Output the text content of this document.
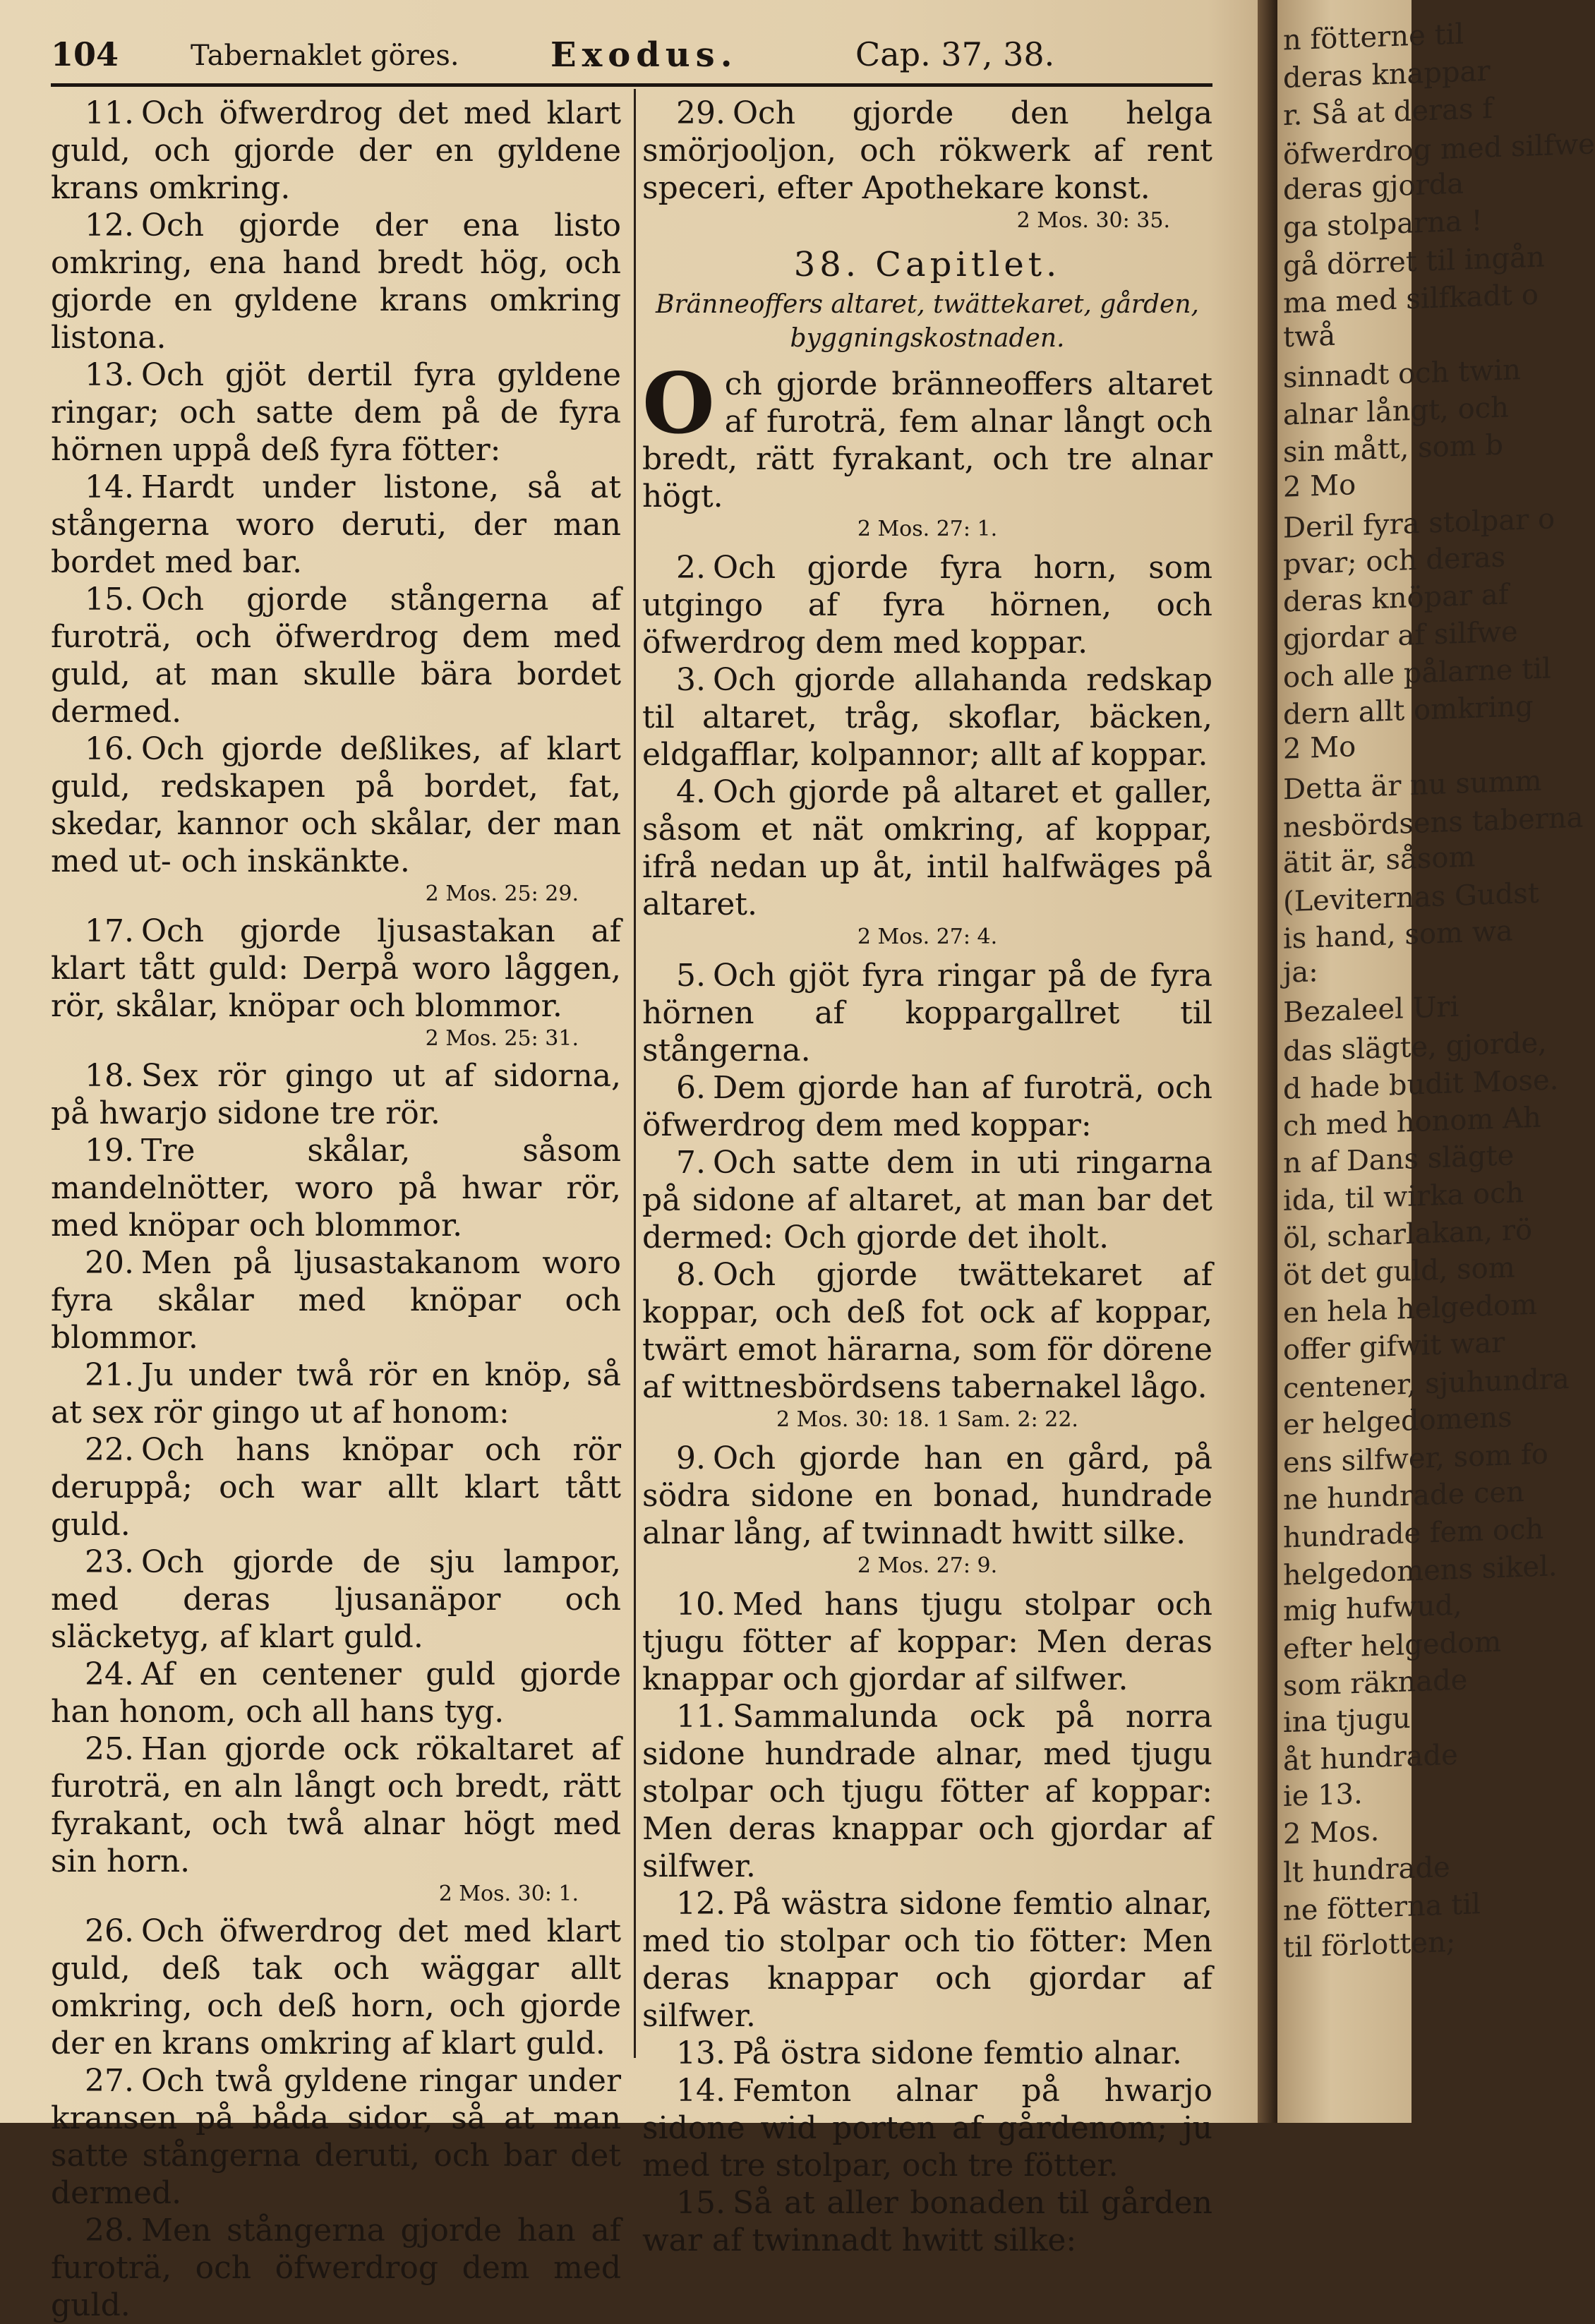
104	Tabernaklet göres.	Exodus.	Cap. 37, 38.

11. Och öfwerdrog det med klart guld, och gjorde der en gyldene krans omkring.

12. Och gjorde der ena listo omkring, ena hand bredt hög, och gjorde en gyldene krans omkring listona.

13. Och gjöt dertil fyra gyldene ringar; och satte dem på de fyra hörnen uppå deß fyra fötter:

14. Hardt under listone, så at stångerna woro deruti, der man bordet med bar.

15. Och gjorde stångerna af furoträ, och öfwerdrog dem med guld, at man skulle bära bordet dermed.

16. Och gjorde deßlikes, af klart guld, redskapen på bordet, fat, skedar, kannor och skålar, der man med ut- och inskänkte.

2 Mos. 25: 29.

17. Och gjorde ljusastakan af klart tått guld: Derpå woro låggen, rör, skålar, knöpar och blommor.

2 Mos. 25: 31.

18. Sex rör gingo ut af sidorna, på hwarjo sidone tre rör.

19. Tre skålar, såsom mandelnötter, woro på hwar rör, med knöpar och blommor.

20. Men på ljusastakanom woro fyra skålar med knöpar och blommor.

21. Ju under twå rör en knöp, så at sex rör gingo ut af honom:

22. Och hans knöpar och rör deruppå; och war allt klart tått guld.

23. Och gjorde de sju lampor, med deras ljusanäpor och släcketyg, af klart guld.

24. Af en centener guld gjorde han honom, och all hans tyg.

25. Han gjorde ock rökaltaret af furoträ, en aln långt och bredt, rätt fyrakant, och twå alnar högt med sin horn.

2 Mos. 30: 1.

26. Och öfwerdrog det med klart guld, deß tak och wäggar allt omkring, och deß horn, och gjorde der en krans omkring af klart guld.

27. Och twå gyldene ringar under kransen på båda sidor, så at man satte stångerna deruti, och bar det dermed.

28. Men stångerna gjorde han af furoträ, och öfwerdrog dem med guld.

29. Och gjorde den helga smörjooljon, och rökwerk af rent speceri, efter Apothekare konst.

2 Mos. 30: 35.
38. Capitlet.
Bränneoffers altaret, twättekaret, gården, byggningskostnaden.

O ch gjorde bränneoffers altaret af furoträ, fem alnar långt och bredt, rätt fyrakant, och tre alnar högt.

2 Mos. 27: 1.

2. Och gjorde fyra horn, som utgingo af fyra hörnen, och öfwerdrog dem med koppar.

3. Och gjorde allahanda redskap til altaret, tråg, skoflar, bäcken, eldgafflar, kolpannor; allt af koppar.

4. Och gjorde på altaret et galler, såsom et nät omkring, af koppar, ifrå nedan up åt, intil halfwäges på altaret.

2 Mos. 27: 4.

5. Och gjöt fyra ringar på de fyra hörnen af koppargallret til stångerna.

6. Dem gjorde han af furoträ, och öfwerdrog dem med koppar:

7. Och satte dem in uti ringarna på sidone af altaret, at man bar det dermed: Och gjorde det iholt.

8. Och gjorde twättekaret af koppar, och deß fot ock af koppar, twärt emot härarna, som för dörene af wittnesbördsens tabernakel lågo.

2 Mos. 30: 18. 1 Sam. 2: 22.

9. Och gjorde han en gård, på södra sidone en bonad, hundrade alnar lång, af twinnadt hwitt silke.

2 Mos. 27: 9.

10. Med hans tjugu stolpar och tjugu fötter af koppar: Men deras knappar och gjordar af silfwer.

11. Sammalunda ock på norra sidone hundrade alnar, med tjugu stolpar och tjugu fötter af koppar: Men deras knappar och gjordar af silfwer.

12. På wästra sidone femtio alnar, med tio stolpar och tio fötter: Men deras knappar och gjordar af silfwer.

13. På östra sidone femtio alnar.

14. Femton alnar på hwarjo sidone wid porten af gårdenom; ju med tre stolpar, och tre fötter.

15. Så at aller bonaden til gården war af twinnadt hwitt silke:

n fötterne til
deras knappar
r. Så at deras f
öfwerdrog med silfwe
deras gjorda
ga stolparna !
gå dörret til ingån
ma med silfkadt o
twå
sinnadt och twin
alnar långt, och
sin mått, som b
2 Mo
Deril fyra stolpar o
pvar; och deras
deras knöpar af
gjordar af silfwe
och alle pålarne til
dern allt omkring
2 Mo
Detta är nu summ
nesbördsens taberna
ätit är, såsom
(Leviternas Gudst
is hand, som wa
ja:
Bezaleel Uri
das slägte, gjorde,
d hade budit Mose.
ch med honom Ah
n af Dans slägte
ida, til wirka och
öl, scharlakan, rö
öt det guld, som
en hela helgedom
offer gifwit war
centener, sjuhundra
er helgedomens
ens silfwer, som fo
ne hundrade cen
hundrade fem och
helgedomens sikel.
mig hufwud,
efter helgedom
som räknade
ina tjugu
åt hundrade
ie 13.
2 Mos.
lt hundrade
ne fötterna til
til förlotten;
